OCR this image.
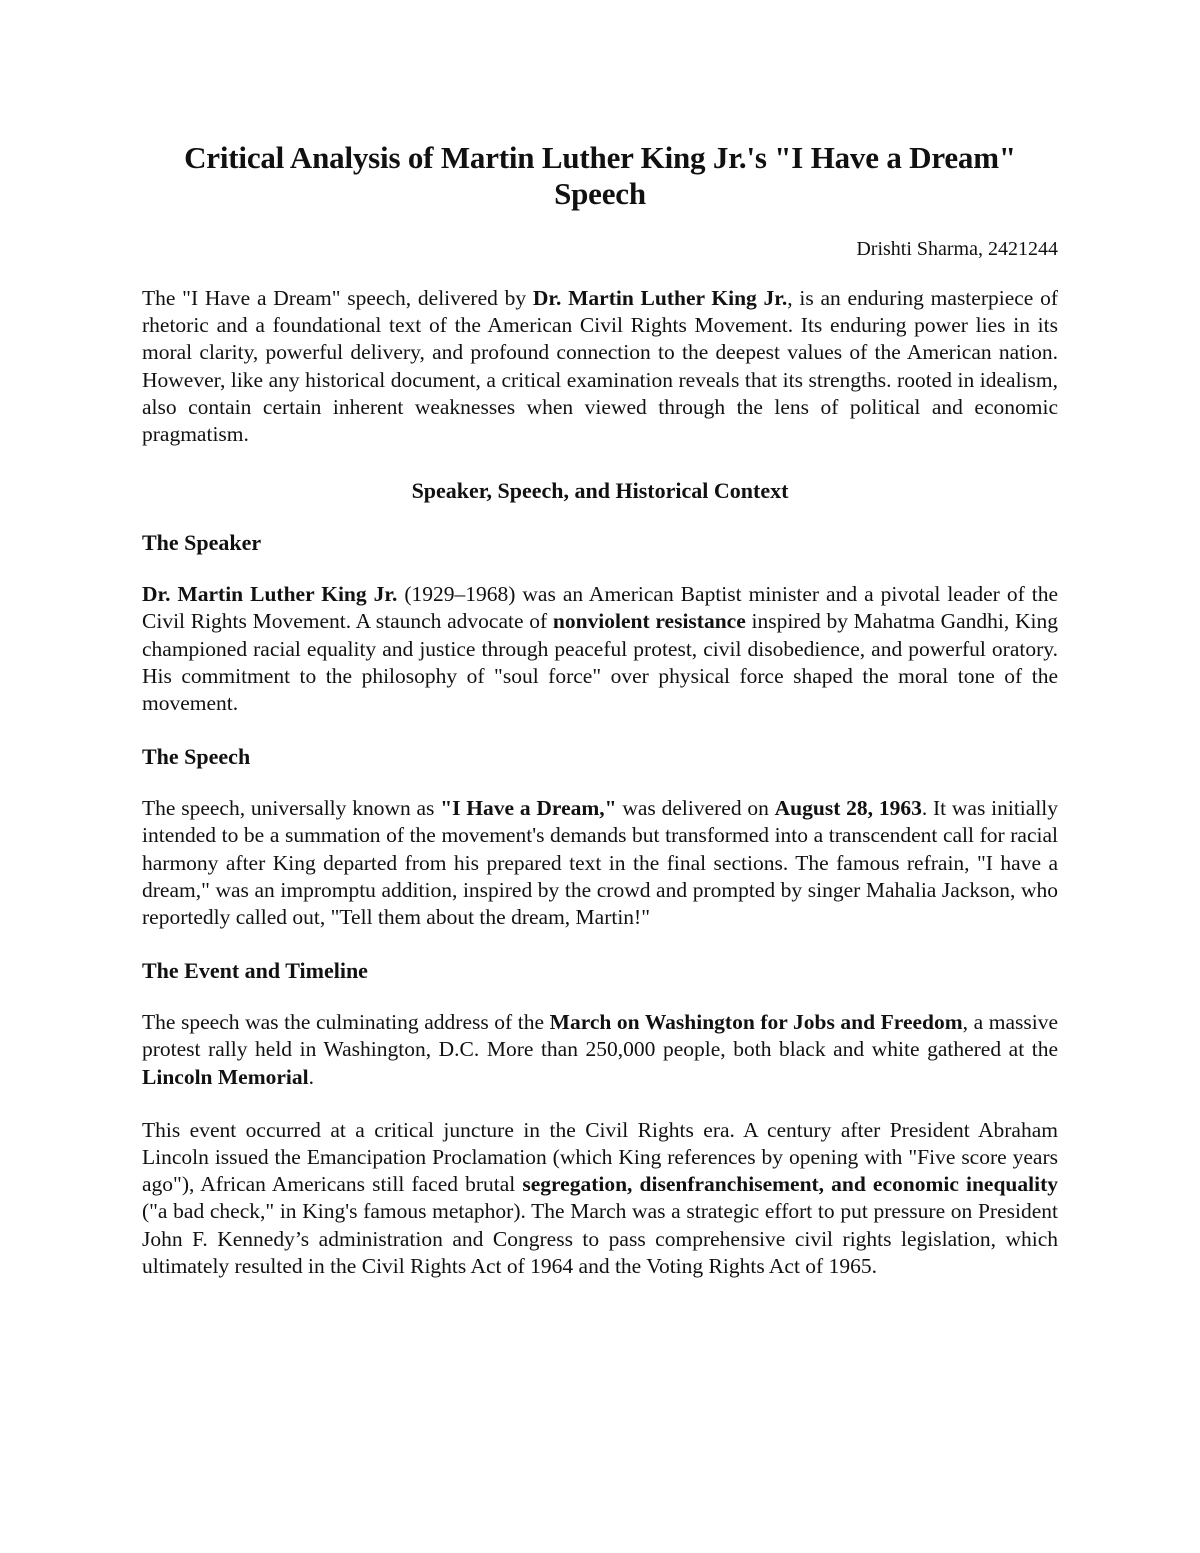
Critical Analysis of Martin Luther King Jr.'s "I Have a Dream" Speech
Drishti Sharma, 2421244

The "I Have a Dream" speech, delivered by Dr. Martin Luther King Jr., is an enduring masterpiece of rhetoric and a foundational text of the American Civil Rights Movement. Its enduring power lies in its moral clarity, powerful delivery, and profound connection to the deepest values of the American nation. However, like any historical document, a critical examination reveals that its strengths. rooted in idealism, also contain certain inherent weaknesses when viewed through the lens of political and economic pragmatism.

Speaker, Speech, and Historical Context
The Speaker

Dr. Martin Luther King Jr. (1929–1968) was an American Baptist minister and a pivotal leader of the Civil Rights Movement. A staunch advocate of nonviolent resistance inspired by Mahatma Gandhi, King championed racial equality and justice through peaceful protest, civil disobedience, and powerful oratory. His commitment to the philosophy of "soul force" over physical force shaped the moral tone of the movement.

The Speech

The speech, universally known as "I Have a Dream," was delivered on August 28, 1963. It was initially intended to be a summation of the movement's demands but transformed into a transcendent call for racial harmony after King departed from his prepared text in the final sections. The famous refrain, "I have a dream," was an impromptu addition, inspired by the crowd and prompted by singer Mahalia Jackson, who reportedly called out, "Tell them about the dream, Martin!"

The Event and Timeline

The speech was the culminating address of the March on Washington for Jobs and Freedom, a massive protest rally held in Washington, D.C. More than 250,000 people, both black and white gathered at the Lincoln Memorial.

This event occurred at a critical juncture in the Civil Rights era. A century after President Abraham Lincoln issued the Emancipation Proclamation (which King references by opening with "Five score years ago"), African Americans still faced brutal segregation, disenfranchisement, and economic inequality ("a bad check," in King's famous metaphor). The March was a strategic effort to put pressure on President John F. Kennedy’s administration and Congress to pass comprehensive civil rights legislation, which ultimately resulted in the Civil Rights Act of 1964 and the Voting Rights Act of 1965.
